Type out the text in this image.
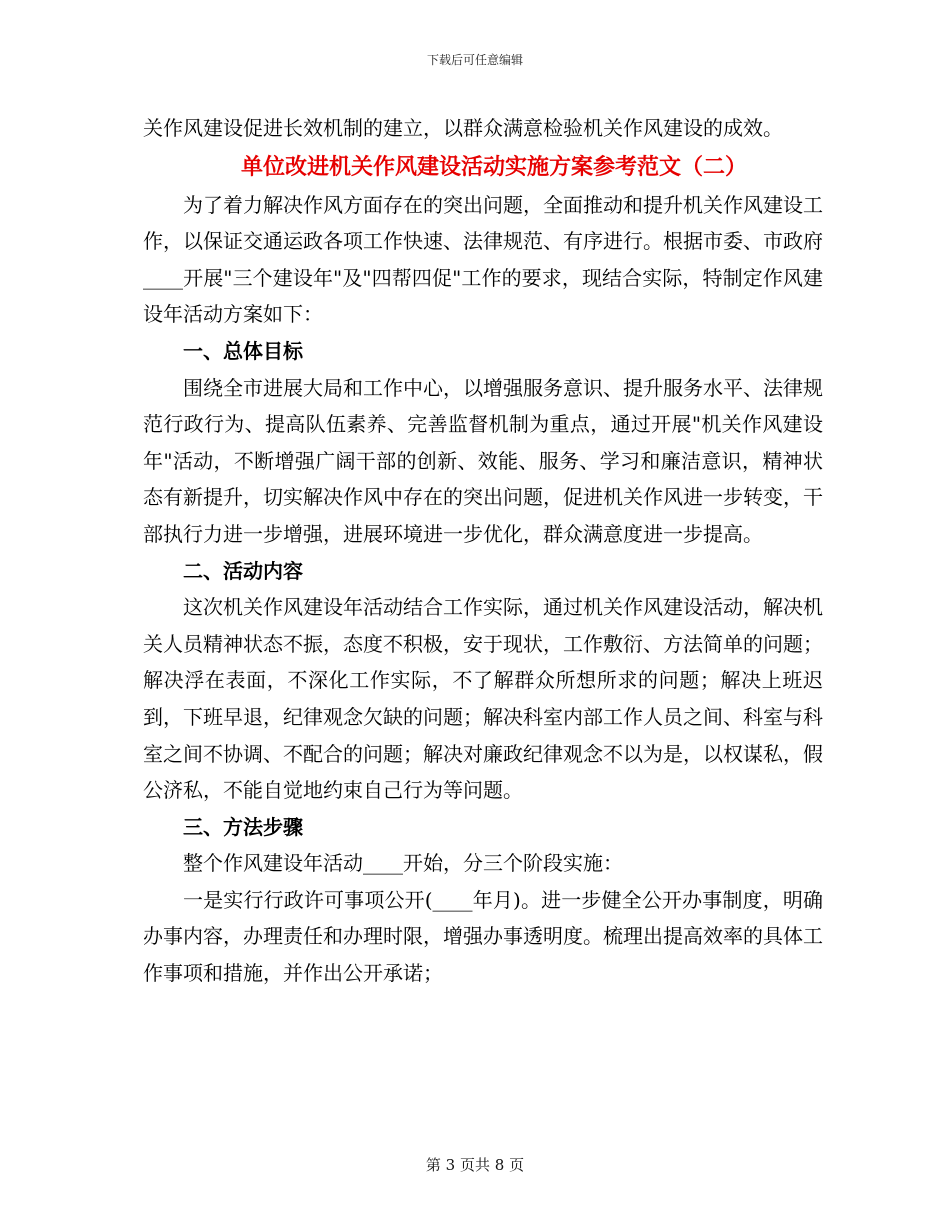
下载后可任意编辑

关作风建设促进长效机制的建立，以群众满意检验机关作风建设的成效。

单位改进机关作风建设活动实施方案参考范文（二）

为了着力解决作风方面存在的突出问题，全面推动和提升机关作风建设工作，以保证交通运政各项工作快速、法律规范、有序进行。根据市委、市政府____开展"三个建设年"及"四帮四促"工作的要求，现结合实际，特制定作风建设年活动方案如下：

一、总体目标

围绕全市进展大局和工作中心，以增强服务意识、提升服务水平、法律规范行政行为、提高队伍素养、完善监督机制为重点，通过开展"机关作风建设年"活动，不断增强广阔干部的创新、效能、服务、学习和廉洁意识，精神状态有新提升，切实解决作风中存在的突出问题，促进机关作风进一步转变，干部执行力进一步增强，进展环境进一步优化，群众满意度进一步提高。

二、活动内容

这次机关作风建设年活动结合工作实际，通过机关作风建设活动，解决机关人员精神状态不振，态度不积极，安于现状，工作敷衍、方法简单的问题；解决浮在表面，不深化工作实际，不了解群众所想所求的问题；解决上班迟到，下班早退，纪律观念欠缺的问题；解决科室内部工作人员之间、科室与科室之间不协调、不配合的问题；解决对廉政纪律观念不以为是，以权谋私，假公济私，不能自觉地约束自己行为等问题。

三、方法步骤

整个作风建设年活动____开始，分三个阶段实施：

一是实行行政许可事项公开(____年月)。进一步健全公开办事制度，明确办事内容，办理责任和办理时限，增强办事透明度。梳理出提高效率的具体工作事项和措施，并作出公开承诺；

第 3 页共 8 页
